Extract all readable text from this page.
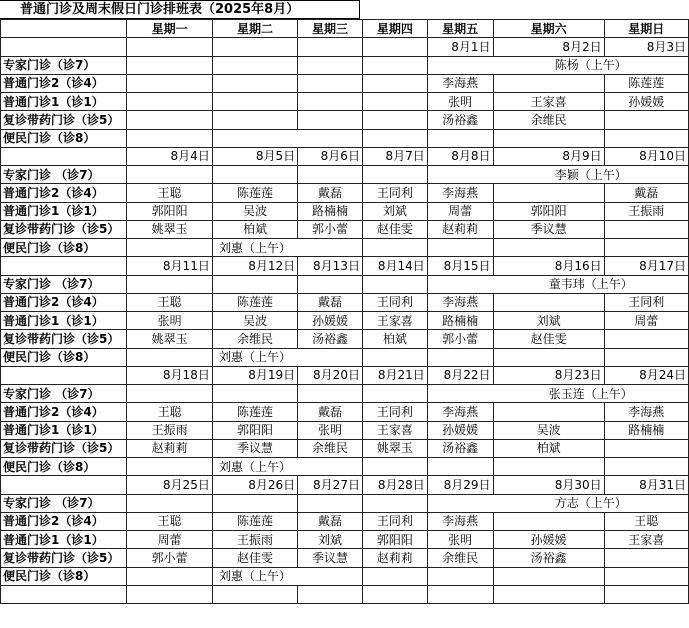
普通门诊及周末假日门诊排班表（2025年8月）
	星期一	星期二	星期三	星期四	星期五	星期六	星期日
					8月1日	8月2日	8月3日
专家门诊（诊7）						陈杨（上午）	
普通门诊2（诊4）					李海燕		陈莲莲
普通门诊1（诊1）					张明	王家喜	孙媛媛
复诊带药门诊（诊5）					汤裕鑫	余维民	
便民门诊（诊8）							
	8月4日	8月5日	8月6日	8月7日	8月8日	8月9日	8月10日
专家门诊 （诊7）						李颖（上午）	
普通门诊2（诊4）	王聪	陈莲莲	戴磊	王同利	李海燕		戴磊
普通门诊1（诊1）	郭阳阳	吴波	路楠楠	刘斌	周蕾	郭阳阳	王振雨
复诊带药门诊（诊5）	姚翠玉	柏斌	郭小蕾	赵佳雯	赵莉莉	季议慧	
便民门诊（诊8）		刘惠（上午）					
	8月11日	8月12日	8月13日	8月14日	8月15日	8月16日	8月17日
专家门诊 （诊7）						童韦玮（上午）	
普通门诊2（诊4）	王聪	陈莲莲	戴磊	王同利	李海燕		王同利
普通门诊1（诊1）	张明	吴波	孙媛媛	王家喜	路楠楠	刘斌	周蕾
复诊带药门诊（诊5）	姚翠玉	余维民	汤裕鑫	柏斌	郭小蕾	赵佳雯	
便民门诊（诊8）		刘惠（上午）					
	8月18日	8月19日	8月20日	8月21日	8月22日	8月23日	8月24日
专家门诊 （诊7）						张玉连（上午）	
普通门诊2（诊4）	王聪	陈莲莲	戴磊	王同利	李海燕		李海燕
普通门诊1（诊1）	王振雨	郭阳阳	张明	王家喜	孙媛媛	吴波	路楠楠
复诊带药门诊（诊5）	赵莉莉	季议慧	余维民	姚翠玉	汤裕鑫	柏斌	
便民门诊（诊8）		刘惠（上午）					
	8月25日	8月26日	8月27日	8月28日	8月29日	8月30日	8月31日
专家门诊 （诊7）						方志（上午）	
普通门诊2（诊4）	王聪	陈莲莲	戴磊	王同利	李海燕		王聪
普通门诊1（诊1）	周蕾	王振雨	刘斌	郭阳阳	张明	孙媛媛	王家喜
复诊带药门诊（诊5）	郭小蕾	赵佳雯	季议慧	赵莉莉	余维民	汤裕鑫	
便民门诊（诊8）		刘惠（上午）					
